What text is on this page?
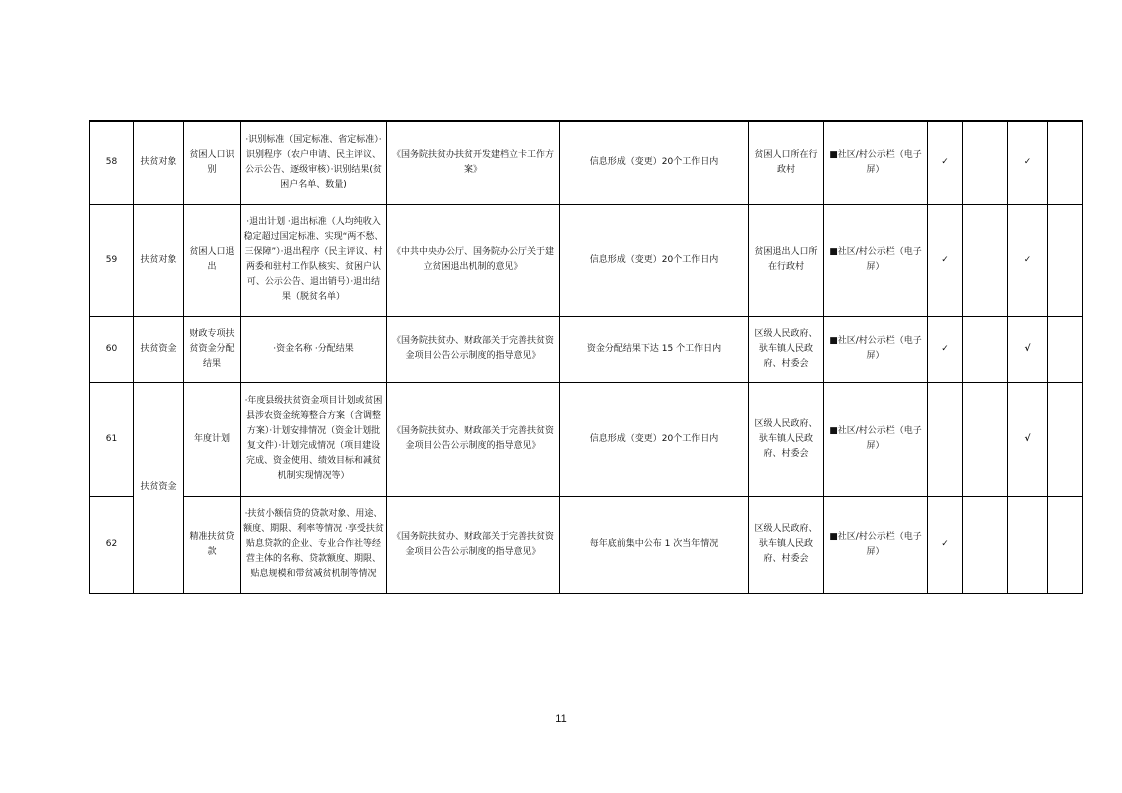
58	扶贫对象	贫困人口识别	·识别标准（国定标准、省定标准）·识别程序（农户申请、民主评议、公示公告、逐级审核）·识别结果(贫困户名单、数量)	《国务院扶贫办扶贫开发建档立卡工作方案》	信息形成（变更）20个工作日内	贫困人口所在行政村	■社区/村公示栏（电子屏）	✓		✓	
59	扶贫对象	贫困人口退出	·退出计划 ·退出标准（人均纯收入稳定超过国定标准、实现“两不愁、三保障”）·退出程序（民主评议、村两委和驻村工作队核实、贫困户认可、公示公告、退出销号）·退出结果（脱贫名单）	《中共中央办公厅、国务院办公厅关于建立贫困退出机制的意见》	信息形成（变更）20个工作日内	贫困退出人口所在行政村	■社区/村公示栏（电子屏）	✓		✓	
60	扶贫资金	财政专项扶贫资金分配结果	·资金名称 ·分配结果	《国务院扶贫办、财政部关于完善扶贫资金项目公告公示制度的指导意见》	资金分配结果下达 15 个工作日内	区级人民政府、驮车镇人民政府、村委会	■社区/村公示栏（电子屏）	✓		√	
61	扶贫资金	年度计划	·年度县级扶贫资金项目计划或贫困县涉农资金统筹整合方案（含调整方案）·计划安排情况（资金计划批复文件）·计划完成情况（项目建设完成、资金使用、绩效目标和减贫机制实现情况等）	《国务院扶贫办、财政部关于完善扶贫资金项目公告公示制度的指导意见》	信息形成（变更）20个工作日内	区级人民政府、驮车镇人民政府、村委会	■社区/村公示栏（电子屏）			√	
62		精准扶贫贷款	·扶贫小额信贷的贷款对象、用途、额度、期限、利率等情况 ·享受扶贫贴息贷款的企业、专业合作社等经营主体的名称、贷款额度、期限、贴息规模和带贫减贫机制等情况	《国务院扶贫办、财政部关于完善扶贫资金项目公告公示制度的指导意见》	每年底前集中公布 1 次当年情况	区级人民政府、驮车镇人民政府、村委会	■社区/村公示栏（电子屏）	✓			
11
